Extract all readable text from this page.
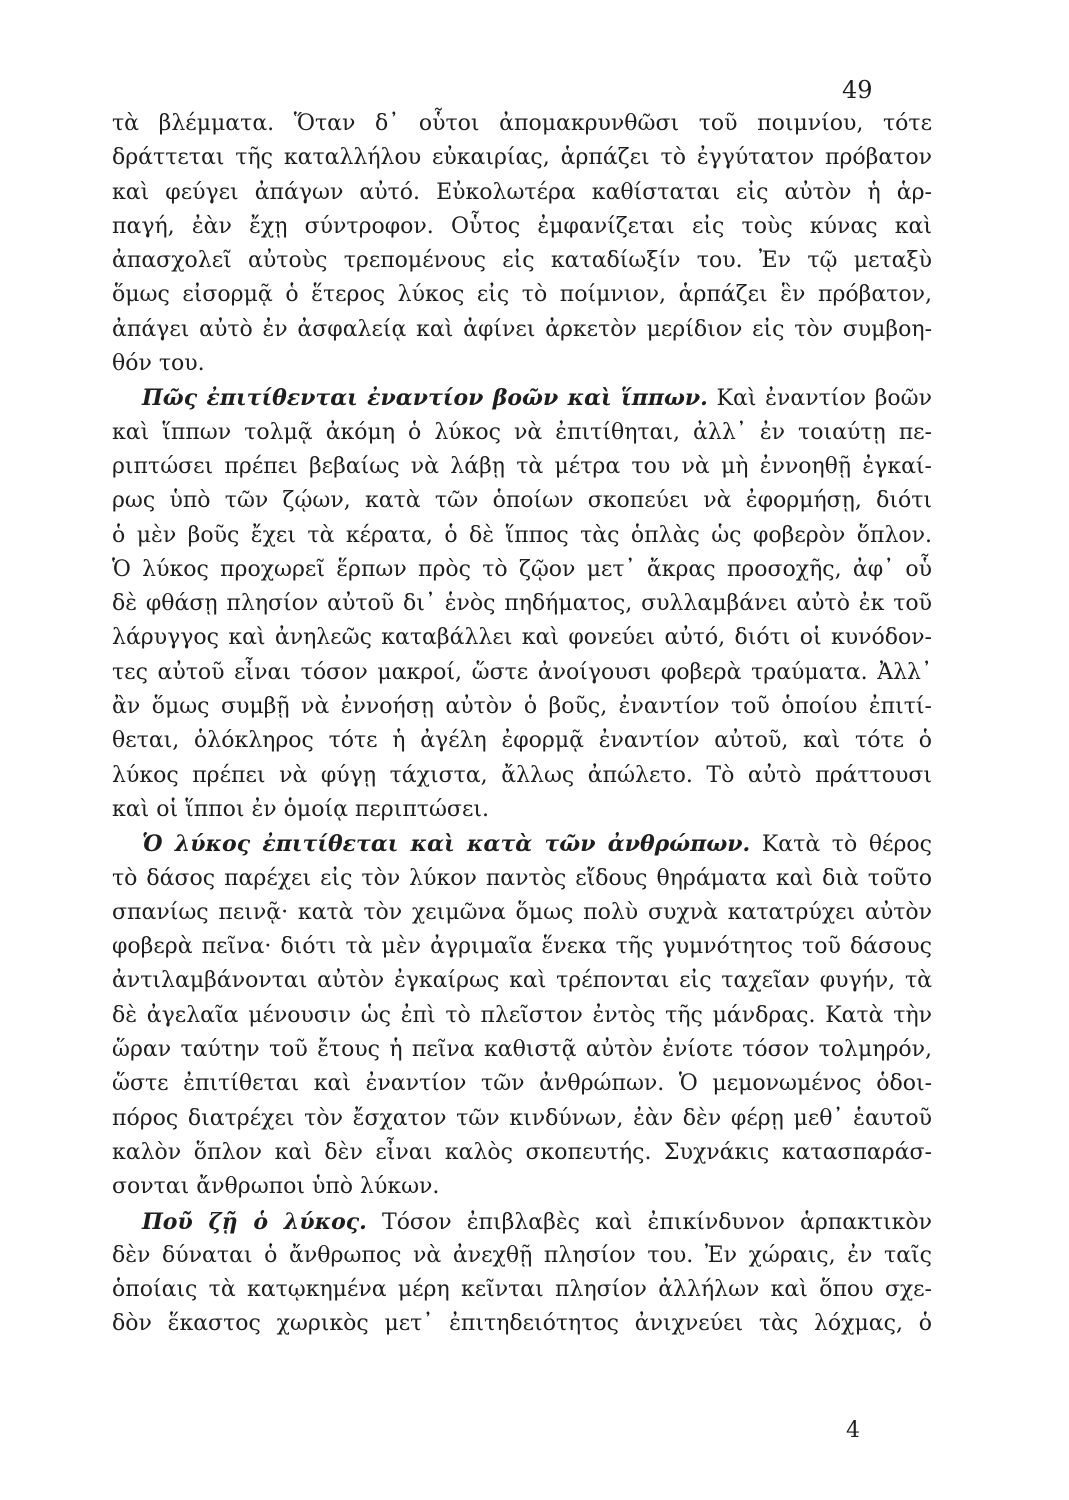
49
τὰ βλέμματα. Ὅταν δ᾽ οὗτοι ἀπομακρυνθῶσι τοῦ ποιμνίου, τότε
δράττεται τῆς καταλλήλου εὐκαιρίας, ἁρπάζει τὸ ἐγγύτατον πρόβατον
καὶ φεύγει ἀπάγων αὐτό. Εὐκολωτέρα καθίσταται εἰς αὐτὸν ἡ ἁρ-
παγή, ἐὰν ἔχῃ σύντροφον. Οὗτος ἐμφανίζεται εἰς τοὺς κύνας καὶ
ἀπασχολεῖ αὐτοὺς τρεπομένους εἰς καταδίωξίν του. Ἐν τῷ μεταξὺ
ὅμως εἰσορμᾷ ὁ ἕτερος λύκος εἰς τὸ ποίμνιον, ἁρπάζει ἓν πρόβατον,
ἀπάγει αὐτὸ ἐν ἀσφαλείᾳ καὶ ἀφίνει ἀρκετὸν μερίδιον εἰς τὸν συμβοη-
θόν του.
Πῶς ἐπιτίθενται ἐναντίον βοῶν καὶ ἵππων. Καὶ ἐναντίον βοῶν
καὶ ἵππων τολμᾷ ἀκόμη ὁ λύκος νὰ ἐπιτίθηται, ἀλλ᾽ ἐν τοιαύτῃ πε-
ριπτώσει πρέπει βεβαίως νὰ λάβῃ τὰ μέτρα του νὰ μὴ ἐννοηθῇ ἐγκαί-
ρως ὑπὸ τῶν ζῴων, κατὰ τῶν ὁποίων σκοπεύει νὰ ἐφορμήσῃ, διότι
ὁ μὲν βοῦς ἔχει τὰ κέρατα, ὁ δὲ ἵππος τὰς ὁπλὰς ὡς φοβερὸν ὅπλον.
Ὁ λύκος προχωρεῖ ἕρπων πρὸς τὸ ζῷον μετ᾽ ἄκρας προσοχῆς, ἀφ᾽ οὗ
δὲ φθάσῃ πλησίον αὐτοῦ δι᾽ ἑνὸς πηδήματος, συλλαμβάνει αὐτὸ ἐκ τοῦ
λάρυγγος καὶ ἀνηλεῶς καταβάλλει καὶ φονεύει αὐτό, διότι οἱ κυνόδον-
τες αὐτοῦ εἶναι τόσον μακροί, ὥστε ἀνοίγουσι φοβερὰ τραύματα. Ἀλλ᾽
ἂν ὅμως συμβῇ νὰ ἐννοήσῃ αὐτὸν ὁ βοῦς, ἐναντίον τοῦ ὁποίου ἐπιτί-
θεται, ὁλόκληρος τότε ἡ ἀγέλη ἐφορμᾷ ἐναντίον αὐτοῦ, καὶ τότε ὁ
λύκος πρέπει νὰ φύγῃ τάχιστα, ἄλλως ἀπώλετο. Τὸ αὐτὸ πράττουσι
καὶ οἱ ἵπποι ἐν ὁμοίᾳ περιπτώσει.
Ὁ λύκος ἐπιτίθεται καὶ κατὰ τῶν ἀνθρώπων. Κατὰ τὸ θέρος
τὸ δάσος παρέχει εἰς τὸν λύκον παντὸς εἴδους θηράματα καὶ διὰ τοῦτο
σπανίως πεινᾷ· κατὰ τὸν χειμῶνα ὅμως πολὺ συχνὰ κατατρύχει αὐτὸν
φοβερὰ πεῖνα· διότι τὰ μὲν ἀγριμαῖα ἕνεκα τῆς γυμνότητος τοῦ δάσους
ἀντιλαμβάνονται αὐτὸν ἐγκαίρως καὶ τρέπονται εἰς ταχεῖαν φυγήν, τὰ
δὲ ἀγελαῖα μένουσιν ὡς ἐπὶ τὸ πλεῖστον ἐντὸς τῆς μάνδρας. Κατὰ τὴν
ὥραν ταύτην τοῦ ἔτους ἡ πεῖνα καθιστᾷ αὐτὸν ἐνίοτε τόσον τολμηρόν,
ὥστε ἐπιτίθεται καὶ ἐναντίον τῶν ἀνθρώπων. Ὁ μεμονωμένος ὁδοι-
πόρος διατρέχει τὸν ἔσχατον τῶν κινδύνων, ἐὰν δὲν φέρῃ μεθ᾽ ἑαυτοῦ
καλὸν ὅπλον καὶ δὲν εἶναι καλὸς σκοπευτής. Συχνάκις κατασπαράσ-
σονται ἄνθρωποι ὑπὸ λύκων.
Ποῦ ζῇ ὁ λύκος. Τόσον ἐπιβλαβὲς καὶ ἐπικίνδυνον ἁρπακτικὸν
δὲν δύναται ὁ ἄνθρωπος νὰ ἀνεχθῇ πλησίον του. Ἐν χώραις, ἐν ταῖς
ὁποίαις τὰ κατῳκημένα μέρη κεῖνται πλησίον ἀλλήλων καὶ ὅπου σχε-
δὸν ἕκαστος χωρικὸς μετ᾽ ἐπιτηδειότητος ἀνιχνεύει τὰς λόχμας, ὁ
4
